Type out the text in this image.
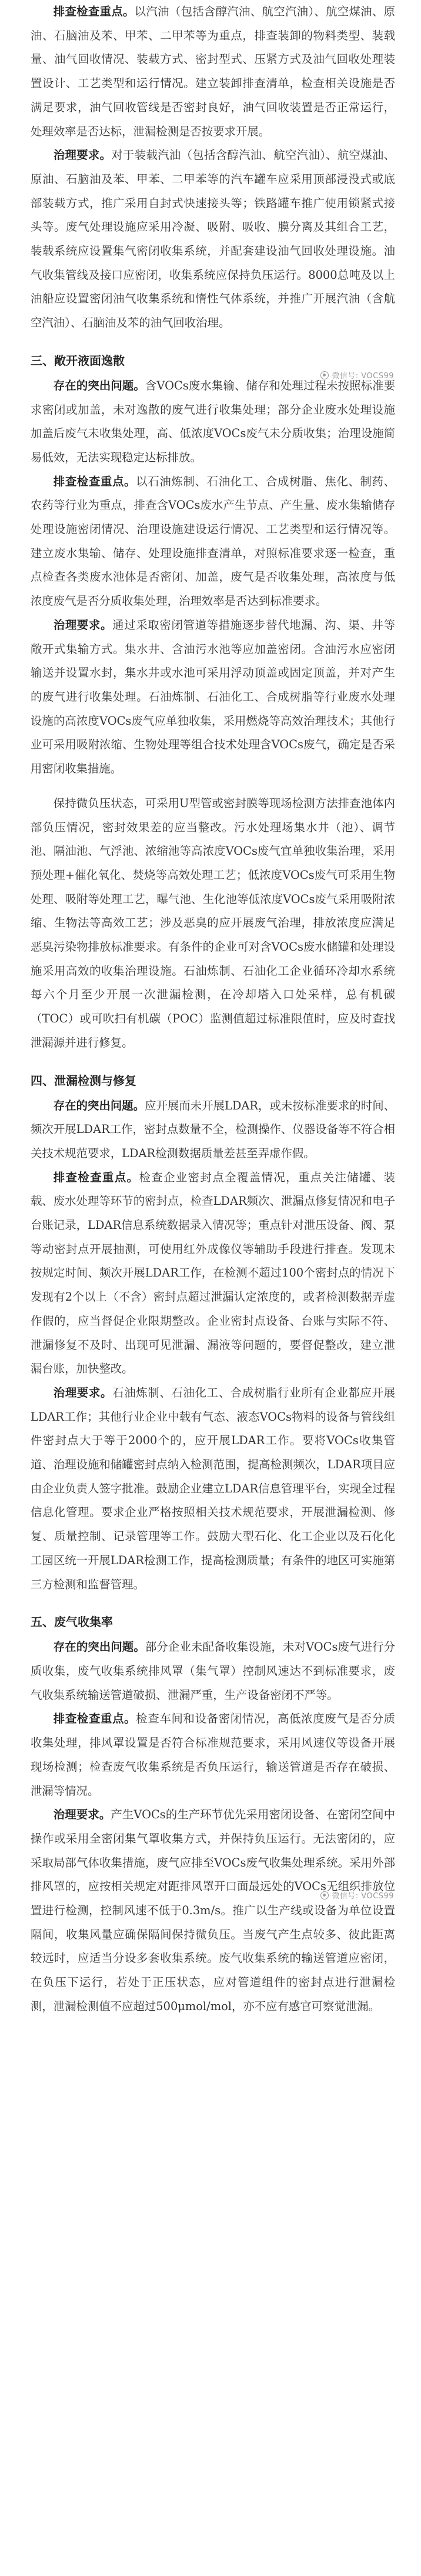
排查检查重点。以汽油（包括含醇汽油、航空汽油）、航空煤油、原油、石脑油及苯、甲苯、二甲苯等为重点，排查装卸的物料类型、装载量、油气回收情况、装载方式、密封型式、压紧方式及油气回收处理装置设计、工艺类型和运行情况。建立装卸排查清单，检查相关设施是否满足要求，油气回收管线是否密封良好，油气回收装置是否正常运行，处理效率是否达标，泄漏检测是否按要求开展。

治理要求。对于装载汽油（包括含醇汽油、航空汽油）、航空煤油、原油、石脑油及苯、甲苯、二甲苯等的汽车罐车应采用顶部浸没式或底部装载方式，推广采用自封式快速接头等；铁路罐车推广使用锁紧式接头等。废气处理设施应采用冷凝、吸附、吸收、膜分离及其组合工艺，装载系统应设置集气密闭收集系统，并配套建设油气回收处理设施。油气收集管线及接口应密闭，收集系统应保持负压运行。8000总吨及以上油船应设置密闭油气收集系统和惰性气体系统，并推广开展汽油（含航空汽油）、石脑油及苯的油气回收治理。

微信号: VOCS99
三、敞开液面逸散

存在的突出问题。含VOCs废水集输、储存和处理过程未按照标准要求密闭或加盖，未对逸散的废气进行收集处理；部分企业废水处理设施加盖后废气未收集处理，高、低浓度VOCs废气未分质收集；治理设施简易低效，无法实现稳定达标排放。

排查检查重点。以石油炼制、石油化工、合成树脂、焦化、制药、农药等行业为重点，排查含VOCs废水产生节点、产生量、废水集输储存处理设施密闭情况、治理设施建设运行情况、工艺类型和运行情况等。建立废水集输、储存、处理设施排查清单，对照标准要求逐一检查，重点检查各类废水池体是否密闭、加盖，废气是否收集处理，高浓度与低浓度废气是否分质收集处理，治理效率是否达到标准要求。

治理要求。通过采取密闭管道等措施逐步替代地漏、沟、渠、井等敞开式集输方式。集水井、含油污水池等应加盖密闭。含油污水应密闭输送并设置水封，集水井或水池可采用浮动顶盖或固定顶盖，并对产生的废气进行收集处理。石油炼制、石油化工、合成树脂等行业废水处理设施的高浓度VOCs废气应单独收集，采用燃烧等高效治理技术；其他行业可采用吸附浓缩、生物处理等组合技术处理含VOCs废气，确定是否采用密闭收集措施。

保持微负压状态，可采用U型管或密封膜等现场检测方法排查池体内部负压情况，密封效果差的应当整改。污水处理场集水井（池）、调节池、隔油池、气浮池、浓缩池等高浓度VOCs废气宜单独收集治理，采用预处理+催化氧化、焚烧等高效处理工艺；低浓度VOCs废气可采用生物处理、吸附等处理工艺，曝气池、生化池等低浓度VOCs废气采用吸附浓缩、生物法等高效工艺；涉及恶臭的应开展废气治理，排放浓度应满足恶臭污染物排放标准要求。有条件的企业可对含VOCs废水储罐和处理设施采用高效的收集治理设施。石油炼制、石油化工企业循环冷却水系统每六个月至少开展一次泄漏检测，在冷却塔入口处采样，总有机碳（TOC）或可吹扫有机碳（POC）监测值超过标准限值时，应及时查找泄漏源并进行修复。

四、泄漏检测与修复

存在的突出问题。应开展而未开展LDAR，或未按标准要求的时间、频次开展LDAR工作，密封点数量不全，检测操作、仪器设备等不符合相关技术规范要求，LDAR检测数据质量差甚至弄虚作假。

排查检查重点。检查企业密封点全覆盖情况，重点关注储罐、装载、废水处理等环节的密封点，检查LDAR频次、泄漏点修复情况和电子台账记录，LDAR信息系统数据录入情况等；重点针对泄压设备、阀、泵等动密封点开展抽测，可使用红外成像仪等辅助手段进行排查。发现未按规定时间、频次开展LDAR工作，在检测不超过100个密封点的情况下发现有2个以上（不含）密封点超过泄漏认定浓度的，或者检测数据弄虚作假的，应当督促企业限期整改。企业密封点设备、台账与实际不符、泄漏修复不及时、出现可见泄漏、漏液等问题的，要督促整改，建立泄漏台账，加快整改。

治理要求。石油炼制、石油化工、合成树脂行业所有企业都应开展LDAR工作；其他行业企业中载有气态、液态VOCs物料的设备与管线组件密封点大于等于2000个的，应开展LDAR工作。要将VOCs收集管道、治理设施和储罐密封点纳入检测范围，提高检测频次，LDAR项目应由企业负责人签字批准。鼓励企业建立LDAR信息管理平台，实现全过程信息化管理。要求企业严格按照相关技术规范要求，开展泄漏检测、修复、质量控制、记录管理等工作。鼓励大型石化、化工企业以及石化化工园区统一开展LDAR检测工作，提高检测质量；有条件的地区可实施第三方检测和监督管理。

微信号: VOCS99
五、废气收集率

存在的突出问题。部分企业未配备收集设施，未对VOCs废气进行分质收集，废气收集系统排风罩（集气罩）控制风速达不到标准要求，废气收集系统输送管道破损、泄漏严重，生产设备密闭不严等。

排查检查重点。检查车间和设备密闭情况，高低浓度废气是否分质收集处理，排风罩设置是否符合标准规范要求，采用风速仪等设备开展现场检测；检查废气收集系统是否负压运行，输送管道是否存在破损、泄漏等情况。

治理要求。产生VOCs的生产环节优先采用密闭设备、在密闭空间中操作或采用全密闭集气罩收集方式，并保持负压运行。无法密闭的，应采取局部气体收集措施，废气应排至VOCs废气收集处理系统。采用外部排风罩的，应按相关规定对距排风罩开口面最远处的VOCs无组织排放位置进行检测，控制风速不低于0.3m/s。推广以生产线或设备为单位设置隔间，收集风量应确保隔间保持微负压。当废气产生点较多、彼此距离较远时，应适当分设多套收集系统。废气收集系统的输送管道应密闭，在负压下运行，若处于正压状态，应对管道组件的密封点进行泄漏检测，泄漏检测值不应超过500μmol/mol，亦不应有感官可察觉泄漏。
